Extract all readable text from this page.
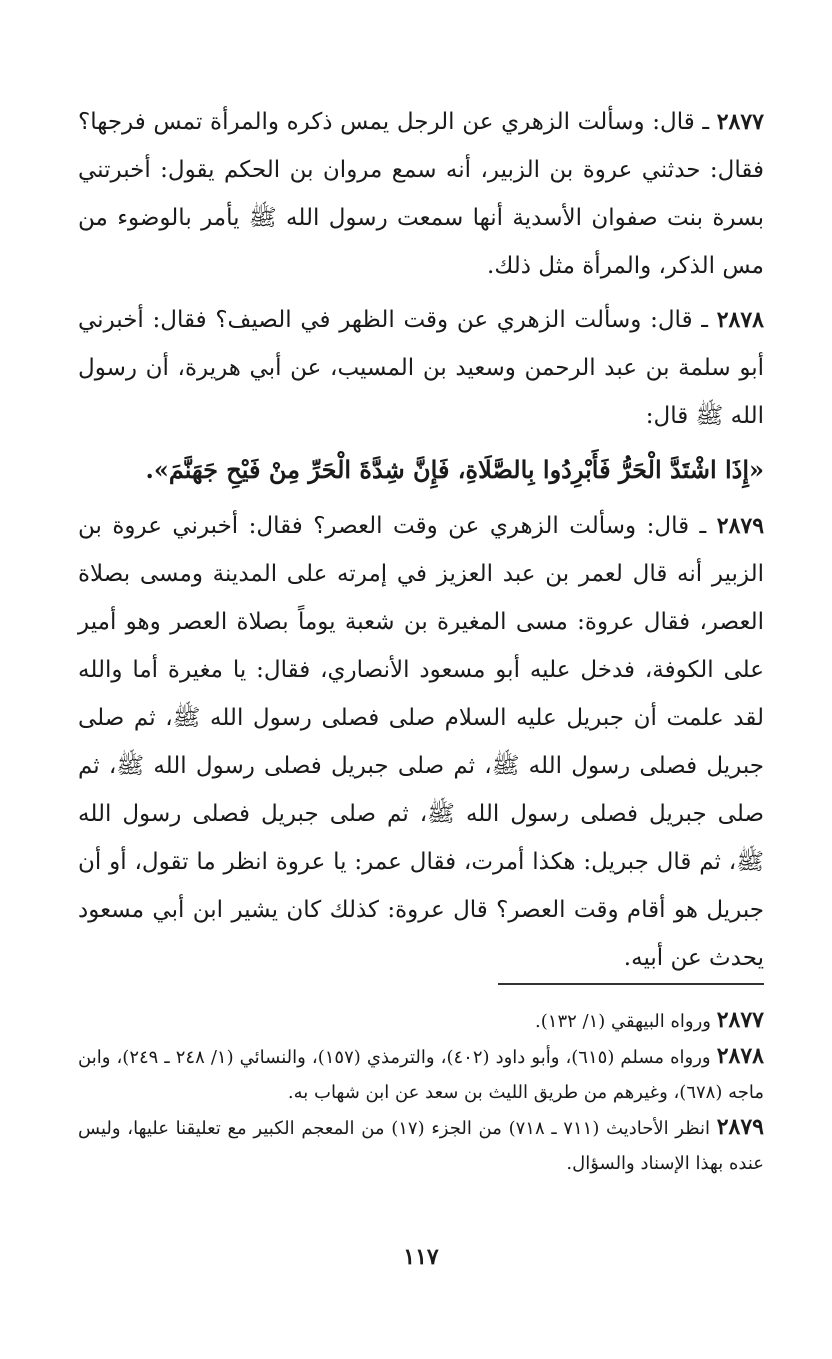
٢٨٧٧ ـ قال: وسألت الزهري عن الرجل يمس ذكره والمرأة تمس فرجها؟ فقال: حدثني عروة بن الزبير، أنه سمع مروان بن الحكم يقول: أخبرتني بسرة بنت صفوان الأسدية أنها سمعت رسول الله ﷺ يأمر بالوضوء من مس الذكر، والمرأة مثل ذلك.

٢٨٧٨ ـ قال: وسألت الزهري عن وقت الظهر في الصيف؟ فقال: أخبرني أبو سلمة بن عبد الرحمن وسعيد بن المسيب، عن أبي هريرة، أن رسول الله ﷺ قال:

«إِذَا اشْتَدَّ الْحَرُّ فَأَبْرِدُوا بِالصَّلَاةِ، فَإِنَّ شِدَّةَ الْحَرِّ مِنْ فَيْحِ جَهَنَّمَ».

٢٨٧٩ ـ قال: وسألت الزهري عن وقت العصر؟ فقال: أخبرني عروة بن الزبير أنه قال لعمر بن عبد العزيز في إمرته على المدينة ومسى بصلاة العصر، فقال عروة: مسى المغيرة بن شعبة يوماً بصلاة العصر وهو أمير على الكوفة، فدخل عليه أبو مسعود الأنصاري، فقال: يا مغيرة أما والله لقد علمت أن جبريل عليه السلام صلى فصلى رسول الله ﷺ، ثم صلى جبريل فصلى رسول الله ﷺ، ثم صلى جبريل فصلى رسول الله ﷺ، ثم صلى جبريل فصلى رسول الله ﷺ، ثم صلى جبريل فصلى رسول الله ﷺ، ثم قال جبريل: هكذا أمرت، فقال عمر: يا عروة انظر ما تقول، أو أن جبريل هو أقام وقت العصر؟ قال عروة: كذلك كان يشير ابن أبي مسعود يحدث عن أبيه.

٢٨٧٧ ورواه البيهقي (١/ ١٣٢).

٢٨٧٨ ورواه مسلم (٦١٥)، وأبو داود (٤٠٢)، والترمذي (١٥٧)، والنسائي (١/ ٢٤٨ ـ ٢٤٩)، وابن ماجه (٦٧٨)، وغيرهم من طريق الليث بن سعد عن ابن شهاب به.

٢٨٧٩ انظر الأحاديث (٧١١ ـ ٧١٨) من الجزء (١٧) من المعجم الكبير مع تعليقنا عليها، وليس عنده بهذا الإسناد والسؤال.

١١٧
